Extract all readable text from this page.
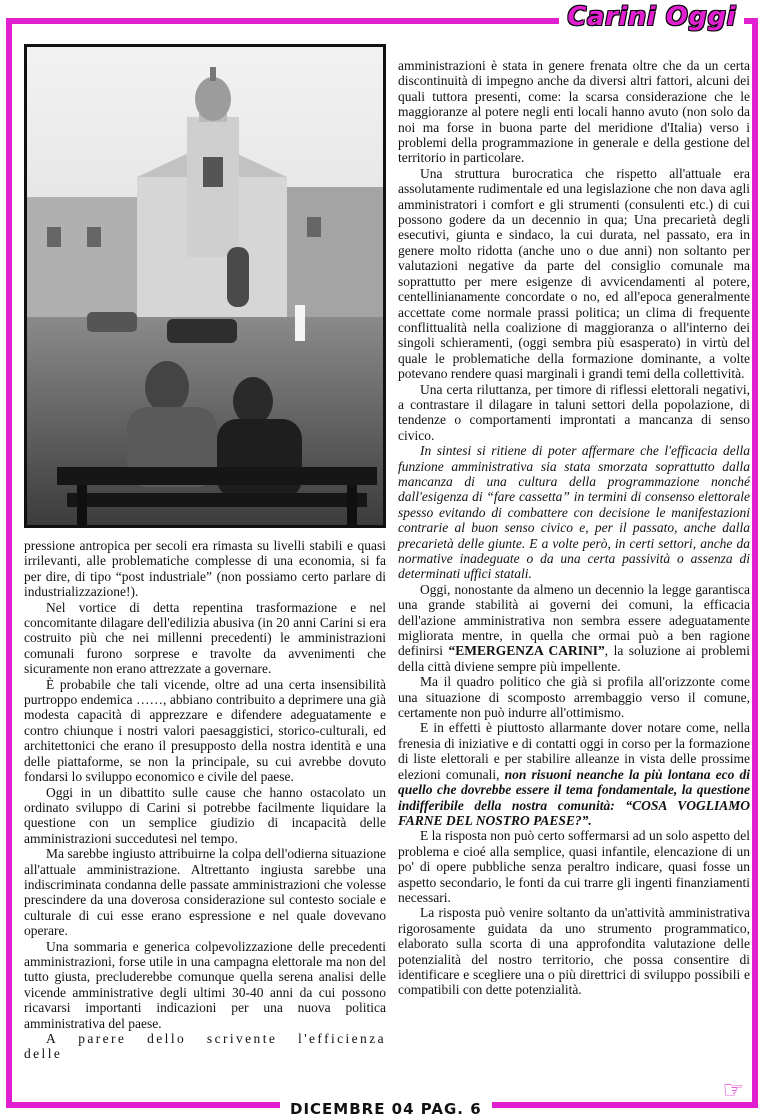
Carini Oggi

pressione antropica per secoli era rimasta su livelli stabili e quasi irrilevanti, alle problematiche complesse di una economia, si fa per dire, di tipo “post industriale” (non possiamo certo parlare di industrializzazione!).

Nel vortice di detta repentina trasformazione e nel concomitante dilagare dell'edilizia abusiva (in 20 anni Carini si era costruito più che nei millenni precedenti) le amministrazioni comunali furono sorprese e travolte da avvenimenti che sicuramente non erano attrezzate a governare.

È probabile che tali vicende, oltre ad una certa insensibilità purtroppo endemica ……, abbiano contribuito a deprimere una già modesta capacità di apprezzare e difendere adeguatamente e contro chiunque i nostri valori paesaggistici, storico-culturali, ed architettonici che erano il presupposto della nostra identità e una delle piattaforme, se non la principale, su cui avrebbe dovuto fondarsi lo sviluppo economico e civile del paese.

Oggi in un dibattito sulle cause che hanno ostacolato un ordinato sviluppo di Carini si potrebbe facilmente liquidare la questione con un semplice giudizio di incapacità delle amministrazioni succedutesi nel tempo.

Ma sarebbe ingiusto attribuirne la colpa dell'odierna situazione all'attuale amministrazione. Altrettanto ingiusta sarebbe una indiscriminata condanna delle passate amministrazioni che volesse prescindere da una doverosa considerazione sul contesto sociale e culturale di cui esse erano espressione e nel quale dovevano operare.

Una sommaria e generica colpevolizzazione delle precedenti amministrazioni, forse utile in una campagna elettorale ma non del tutto giusta, precluderebbe comunque quella serena analisi delle vicende amministrative degli ultimi 30-40 anni da cui possono ricavarsi importanti indicazioni per una nuova politica amministrativa del paese.

A parere dello scrivente l'efficienza delle

amministrazioni è stata in genere frenata oltre che da un certa discontinuità di impegno anche da diversi altri fattori, alcuni dei quali tuttora presenti, come: la scarsa considerazione che le maggioranze al potere negli enti locali hanno avuto (non solo da noi ma forse in buona parte del meridione d'Italia) verso i problemi della programmazione in generale e della gestione del territorio in particolare.

Una struttura burocratica che rispetto all'attuale era assolutamente rudimentale ed una legislazione che non dava agli amministratori i comfort e gli strumenti (consulenti etc.) di cui possono godere da un decennio in qua; Una precarietà degli esecutivi, giunta e sindaco, la cui durata, nel passato, era in genere molto ridotta (anche uno o due anni) non soltanto per valutazioni negative da parte del consiglio comunale ma soprattutto per mere esigenze di avvicendamenti al potere, centellinianamente concordate o no, ed all'epoca generalmente accettate come normale prassi politica; un clima di frequente conflittualità nella coalizione di maggioranza o all'interno dei singoli schieramenti, (oggi sembra più esasperato) in virtù del quale le problematiche della formazione dominante, a volte potevano rendere quasi marginali i grandi temi della collettività.

Una certa riluttanza, per timore di riflessi elettorali negativi, a contrastare il dilagare in taluni settori della popolazione, di tendenze o comportamenti improntati a mancanza di senso civico.

In sintesi si ritiene di poter affermare che l'efficacia della funzione amministrativa sia stata smorzata soprattutto dalla mancanza di una cultura della programmazione nonché dall'esigenza di “fare cassetta” in termini di consenso elettorale spesso evitando di combattere con decisione le manifestazioni contrarie al buon senso civico e, per il passato, anche dalla precarietà delle giunte. E a volte però, in certi settori, anche da normative inadeguate o da una certa passività o assenza di determinati uffici statali.

Oggi, nonostante da almeno un decennio la legge garantisca una grande stabilità ai governi dei comuni, la efficacia dell'azione amministrativa non sembra essere adeguatamente migliorata mentre, in quella che ormai può a ben ragione definirsi “EMERGENZA CARINI”, la soluzione ai problemi della città diviene sempre più impellente.

Ma il quadro politico che già si profila all'orizzonte come una situazione di scomposto arrembaggio verso il comune, certamente non può indurre all'ottimismo.

E in effetti è piuttosto allarmante dover notare come, nella frenesia di iniziative e di contatti oggi in corso per la formazione di liste elettorali e per stabilire alleanze in vista delle prossime elezioni comunali, non risuoni neanche la più lontana eco di quello che dovrebbe essere il tema fondamentale, la questione indifferibile della nostra comunità: “COSA VOGLIAMO FARNE DEL NOSTRO PAESE?”.

E la risposta non può certo soffermarsi ad un solo aspetto del problema e cioé alla semplice, quasi infantile, elencazione di un po' di opere pubbliche senza peraltro indicare, quasi fosse un aspetto secondario, le fonti da cui trarre gli ingenti finanziamenti necessari.

La risposta può venire soltanto da un'attività amministrativa rigorosamente guidata da uno strumento programmatico, elaborato sulla scorta di una approfondita valutazione delle potenzialità del nostro territorio, che possa consentire di identificare e scegliere una o più direttrici di sviluppo possibili e compatibili con dette potenzialità.

☞
DICEMBRE 04 PAG. 6
